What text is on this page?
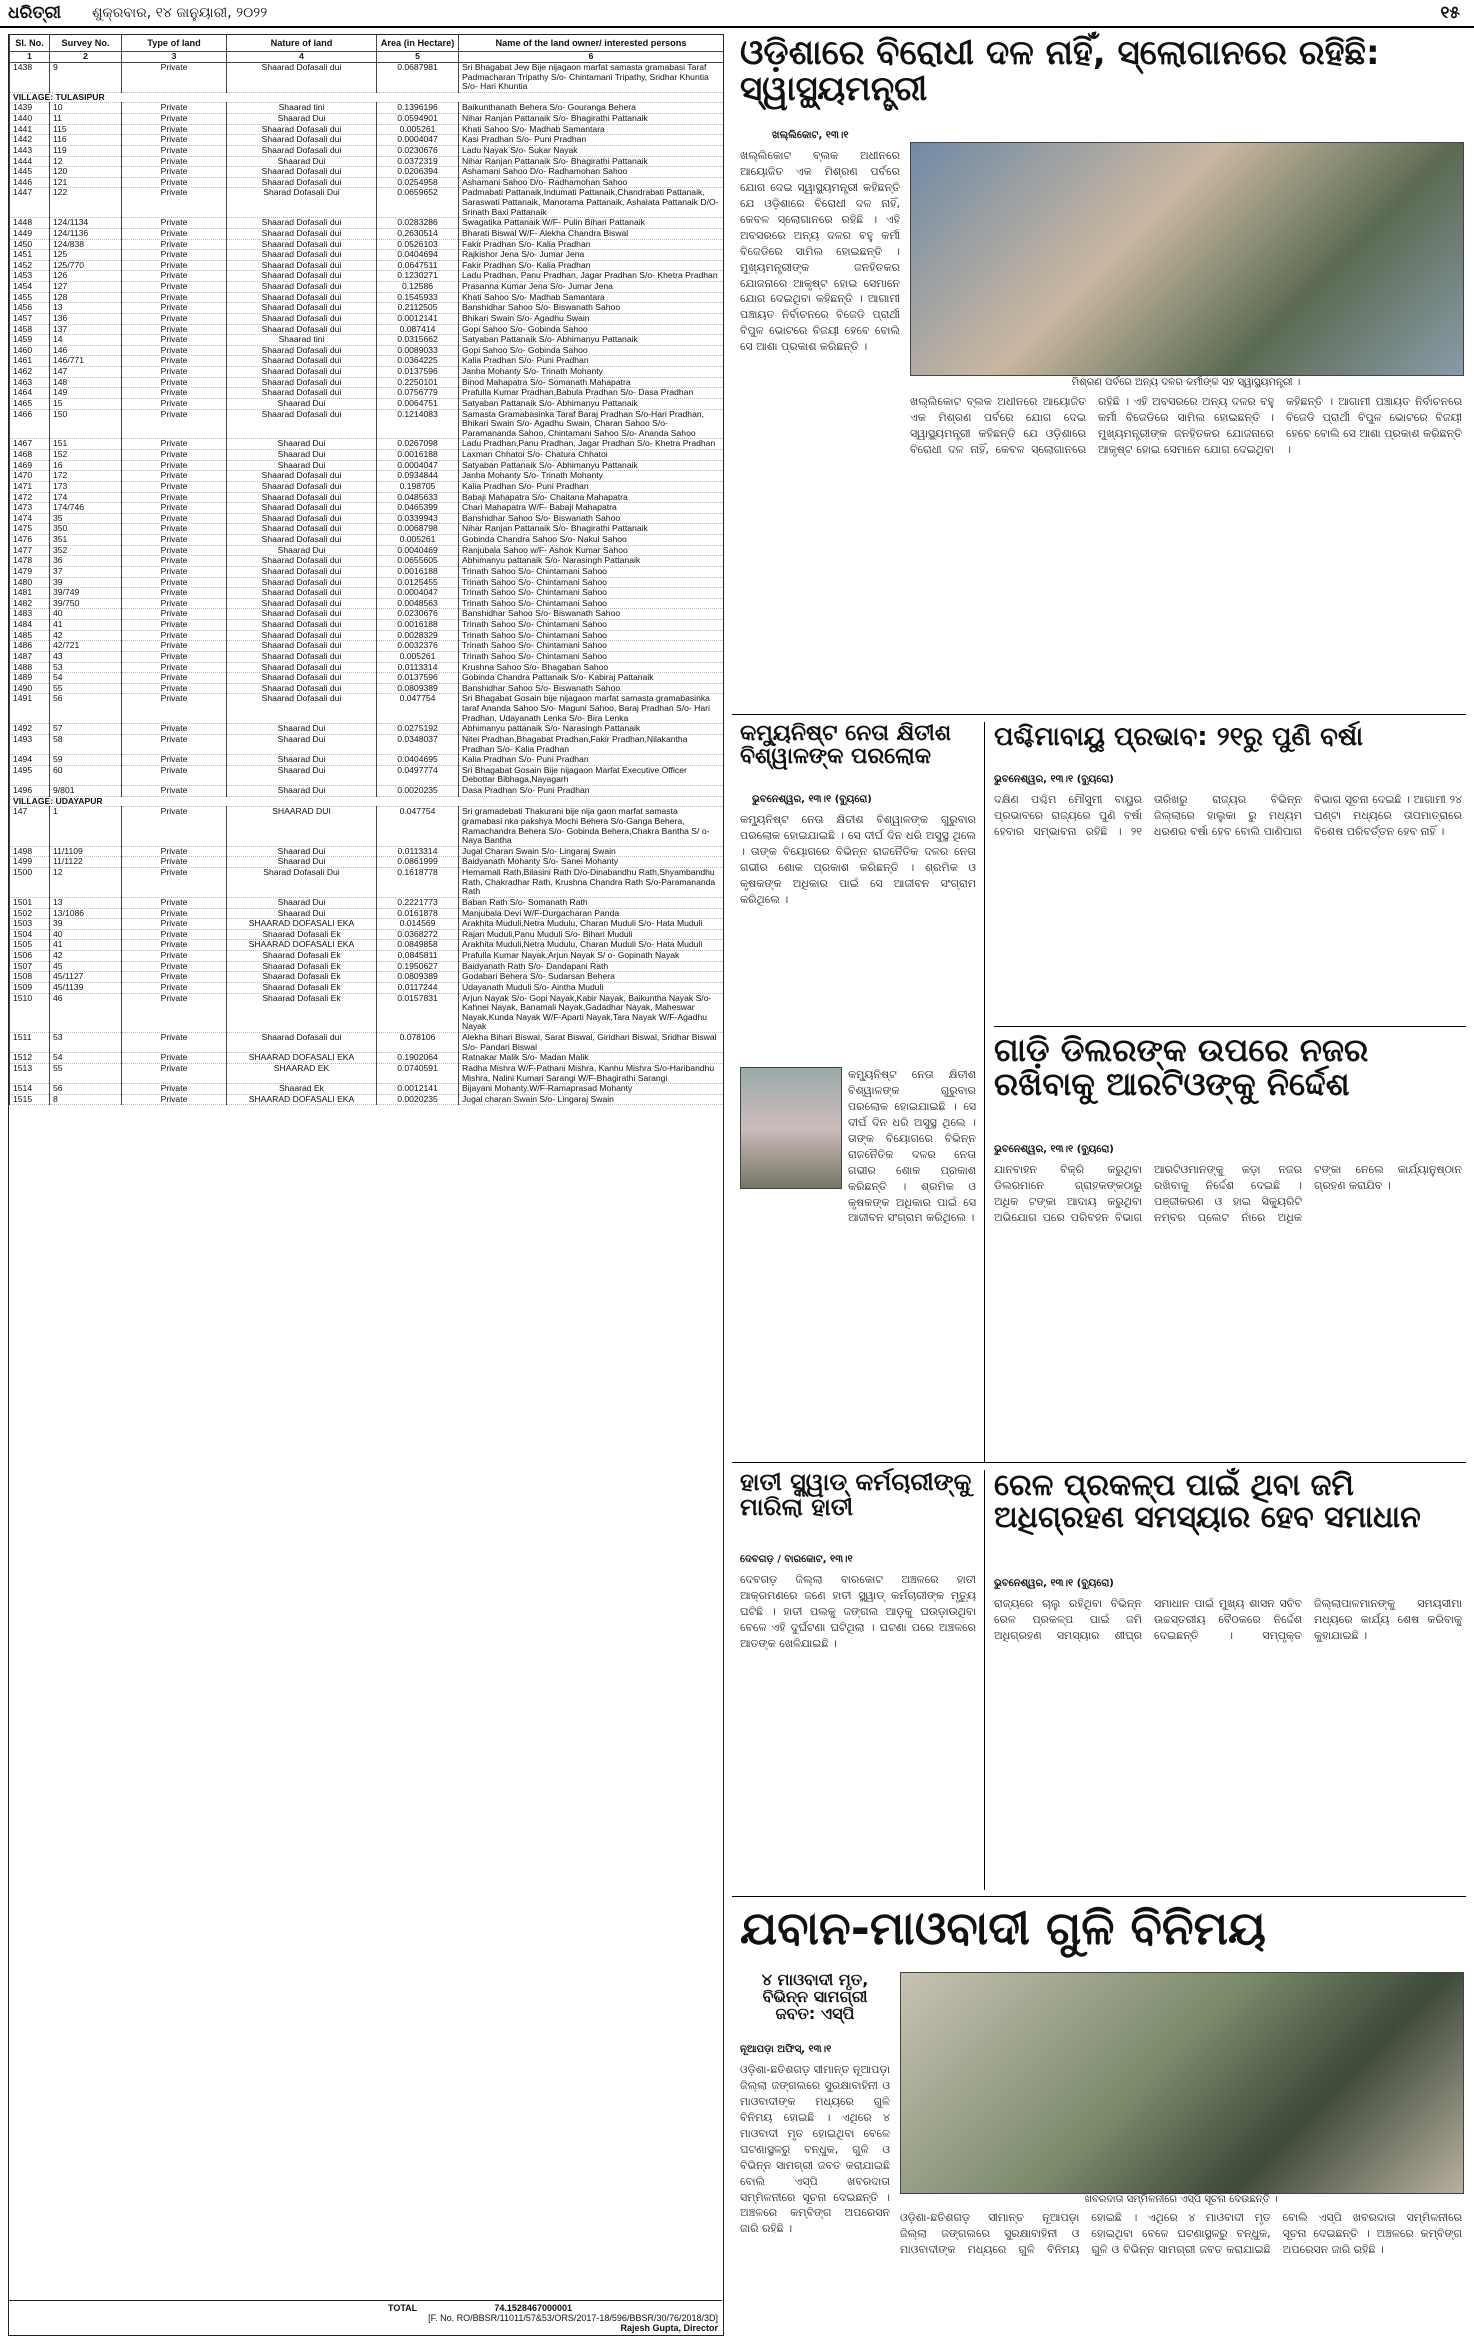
ଧରିତ୍ରୀ ଶୁକ୍ରବାର, ୧୪ ଜାନୁୟାରୀ, ୨୦୨୨	୧୫
Sl. No.	Survey No.	Type of land	Nature of land	Area (in Hectare)	Name of the land owner/ interested persons
1	2	3	4	5	6
1438	9	Private	Shaarad Dofasali dui	0.0687981	Sri Bhagabat Jew Bije nijagaon marfat samasta gramabasi Taraf Padmacharan Tripathy S/o- Chintamani Tripathy, Sridhar Khuntia S/o- Hari Khuntia
VILLAGE: TULASIPUR					
1439	10	Private	Shaarad tini	0.1396196	Baikunthanath Behera S/o- Gouranga Behera
1440	11	Private	Shaarad Dui	0.0594901	Nihar Ranjan Pattanaik S/o- Bhagirathi Pattanaik
1441	115	Private	Shaarad Dofasali dui	0.005261	Khati Sahoo S/o- Madhab Samantara
1442	116	Private	Shaarad Dofasali dui	0.0004047	Kasi Pradhan S/o- Puni Pradhan
1443	119	Private	Shaarad Dofasali dui	0.0230676	Ladu Nayak S/o- Sukar Nayak
1444	12	Private	Shaarad Dui	0.0372319	Nihar Ranjan Pattanaik S/o- Bhagirathi Pattanaik
1445	120	Private	Shaarad Dofasali dui	0.0206394	Ashamani Sahoo D/o- Radhamohan Sahoo
1446	121	Private	Shaarad Dofasali dui	0.0254958	Ashamani Sahoo D/o- Radhamohan Sahoo
1447	122	Private	Sharad Dofasali Dui	0.0659652	Padmabati Pattanaik,Indumati Pattanaik,Chandrabati Pattanaik, Saraswati Pattanaik, Manorama Pattanaik, Ashalata Pattanaik D/O- Srinath Baxi Pattanaik
1448	124/1134	Private	Shaarad Dofasali dui	0.0283286	Swagatika Pattanaik W/F- Pulin Bihari Pattanaik
1449	124/1136	Private	Shaarad Dofasali dui	0.2630514	Bharati Biswal W/F- Alekha Chandra Biswal
1450	124/838	Private	Shaarad Dofasali dui	0.0526103	Fakir Pradhan S/o- Kalia Pradhan
1451	125	Private	Shaarad Dofasali dui	0.0404694	Rajkishor Jena S/o- Jumar Jena
1452	125/770	Private	Shaarad Dofasali dui	0.0647511	Fakir Pradhan S/o- Kalia Pradhan
1453	126	Private	Shaarad Dofasali dui	0.1230271	Ladu Pradhan, Panu Pradhan, Jagar Pradhan S/o- Khetra Pradhan
1454	127	Private	Shaarad Dofasali dui	0.12586	Prasanna Kumar Jena S/o- Jumar Jena
1455	128	Private	Shaarad Dofasali dui	0.1545933	Khati Sahoo S/o- Madhab Samantara
1456	13	Private	Shaarad Dofasali dui	0.2112505	Banshidhar Sahoo S/o- Biswanath Sahoo
1457	136	Private	Shaarad Dofasali dui	0.0012141	Bhikari Swain S/o- Agadhu Swain
1458	137	Private	Shaarad Dofasali dui	0.087414	Gopi Sahoo S/o- Gobinda Sahoo
1459	14	Private	Shaarad tini	0.0315662	Satyaban Pattanaik S/o- Abhimanyu Pattanaik
1460	146	Private	Shaarad Dofasali dui	0.0089033	Gopi Sahoo S/o- Gobinda Sahoo
1461	146/771	Private	Shaarad Dofasali dui	0.0364225	Kalia Pradhan S/o- Puni Pradhan
1462	147	Private	Shaarad Dofasali dui	0.0137596	Janha Mohanty S/o- Trinath Mohanty
1463	148	Private	Shaarad Dofasali dui	0.2250101	Binod Mahapatra S/o- Somanath Mahapatra
1464	149	Private	Shaarad Dofasali dui	0.0756779	Prafulla Kumar Pradhan,Babula Pradhan S/o- Dasa Pradhan
1465	15	Private	Shaarad Dui	0.0064751	Satyaban Pattanaik S/o- Abhimanyu Pattanaik
1466	150	Private	Shaarad Dofasali dui	0.1214083	Samasta Gramabasinka Taraf Baraj Pradhan S/o-Hari Pradhan, Bhikari Swain S/o- Agadhu Swain, Charan Sahoo S/o- Paramananda Sahoo, Chintamani Sahoo S/o- Ananda Sahoo
1467	151	Private	Shaarad Dui	0.0267098	Ladu Pradhan,Panu Pradhan, Jagar Pradhan S/o- Khetra Pradhan
1468	152	Private	Shaarad Dui	0.0016188	Laxman Chhatoi S/o- Chatura Chhatoi
1469	16	Private	Shaarad Dui	0.0004047	Satyaban Pattanaik S/o- Abhimanyu Pattanaik
1470	172	Private	Shaarad Dofasali dui	0.0934844	Janha Mohanty S/o- Trinath Mohanty
1471	173	Private	Shaarad Dofasali dui	0.198705	Kalia Pradhan S/o- Puni Pradhan
1472	174	Private	Shaarad Dofasali dui	0.0485633	Babaji Mahapatra S/o- Chaitana Mahapatra
1473	174/746	Private	Shaarad Dofasali dui	0.0465399	Chari Mahapatra W/F- Babaji Mahapatra
1474	35	Private	Shaarad Dofasali dui	0.0339943	Banshidhar Sahoo S/o- Biswanath Sahoo
1475	350	Private	Shaarad Dofasali dui	0.0068798	Nihar Ranjan Pattanaik S/o- Bhagirathi Pattanaik
1476	351	Private	Shaarad Dofasali dui	0.005261	Gobinda Chandra Sahoo S/o- Nakul Sahoo
1477	352	Private	Shaarad Dui	0.0040469	Ranjubala Sahoo w/F- Ashok Kumar Sahoo
1478	36	Private	Shaarad Dofasali dui	0.0655605	Abhimanyu pattanaik S/o- Narasingh Pattanaik
1479	37	Private	Shaarad Dofasali dui	0.0016188	Trinath Sahoo S/o- Chintamani Sahoo
1480	39	Private	Shaarad Dofasali dui	0.0125455	Trinath Sahoo S/o- Chintamani Sahoo
1481	39/749	Private	Shaarad Dofasali dui	0.0004047	Trinath Sahoo S/o- Chintamani Sahoo
1482	39/750	Private	Shaarad Dofasali dui	0.0048563	Trinath Sahoo S/o- Chintamani Sahoo
1483	40	Private	Shaarad Dofasali dui	0.0230676	Banshidhar Sahoo S/o- Biswanath Sahoo
1484	41	Private	Shaarad Dofasali dui	0.0016188	Trinath Sahoo S/o- Chintamani Sahoo
1485	42	Private	Shaarad Dofasali dui	0.0028329	Trinath Sahoo S/o- Chintamani Sahoo
1486	42/721	Private	Shaarad Dofasali dui	0.0032376	Trinath Sahoo S/o- Chintamani Sahoo
1487	43	Private	Shaarad Dofasali dui	0.005261	Trinath Sahoo S/o- Chintamani Sahoo
1488	53	Private	Shaarad Dofasali dui	0.0113314	Krushna Sahoo S/o- Bhagaban Sahoo
1489	54	Private	Shaarad Dofasali dui	0.0137596	Gobinda Chandra Pattanaik S/o- Kabiraj Pattanaik
1490	55	Private	Shaarad Dofasali dui	0.0809389	Banshidhar Sahoo S/o- Biswanath Sahoo
1491	56	Private	Shaarad Dofasali dui	0.047754	Sri Bhagabat Gosain bije nijagaon marfat samasta gramabasinka taraf Ananda Sahoo S/o- Maguni Sahoo, Baraj Pradhan S/o- Hari Pradhan, Udayanath Lenka S/o- Bira Lenka
1492	57	Private	Shaarad Dui	0.0275192	Abhimanyu pattanaik S/o- Narasingh Pattanaik
1493	58	Private	Shaarad Dui	0.0348037	Nitei Pradhan,Bhagabat Pradhan,Fakir Pradhan,Nilakantha Pradhan S/o- Kalia Pradhan
1494	59	Private	Shaarad Dui	0.0404695	Kalia Pradhan S/o- Puni Pradhan
1495	60	Private	Shaarad Dui	0.0497774	Sri Bhagabat Gosain Bije nijagaon Marfat Executive Officer Debottar Bibhaga,Nayagarh
1496	9/801	Private	Shaarad Dui	0.0020235	Dasa Pradhan S/o- Puni Pradhan
VILLAGE: UDAYAPUR					
147	1	Private	SHAARAD DUI	0.047754	Sri gramadebati Thakurani bije nija gaon marfat samasta gramabasi nka pakshya Mochi Behera S/o-Ganga Behera, Ramachandra Behera S/o- Gobinda Behera,Chakra Bantha S/ o- Naya Bantha
1498	11/1109	Private	Shaarad Dui	0.0113314	Jugal Charan Swain S/o- Lingaraj Swain
1499	11/1122	Private	Shaarad Dui	0.0861999	Baidyanath Mohanty S/o- Sanei Mohanty
1500	12	Private	Sharad Dofasali Dui	0.1618778	Hemamali Rath,Bilasini Rath D/o-Dinabandhu Rath,Shyambandhu Rath, Chakradhar Rath, Krushna Chandra Rath S/o-Paramananda Rath
1501	13	Private	Shaarad Dui	0.2221773	Baban Rath S/o- Somanath Rath
1502	13/1086	Private	Shaarad Dui	0.0161878	Manjubala Devi W/F-Durgacharan Panda
1503	39	Private	SHAARAD DOFASALI EKA	0.014569	Arakhita Muduli,Netra Mudulu, Charan Muduli S/o- Hata Muduli
1504	40	Private	Shaarad Dofasali Ek	0.0368272	Rajan Muduli,Panu Muduli S/o- Bihari Muduli
1505	41	Private	SHAARAD DOFASALI EKA	0.0849858	Arakhita Muduli,Netra Mudulu, Charan Muduli S/o- Hata Muduli
1506	42	Private	Shaarad Dofasali Ek	0.0845811	Prafulla Kumar Nayak,Arjun Nayak S/ o- Gopinath Nayak
1507	45	Private	Shaarad Dofasali Ek	0.1950627	Baidyanath Rath S/o- Dandapani Rath
1508	45/1127	Private	Shaarad Dofasali Ek	0.0809389	Godabari Behera S/o- Sudarsan Behera
1509	45/1139	Private	Shaarad Dofasali Ek	0.0117244	Udayanath Muduli S/o- Aintha Muduli
1510	46	Private	Shaarad Dofasali Ek	0.0157831	Arjun Nayak S/o- Gopi Nayak,Kabir Nayak, Baikuntha Nayak S/o- Kahnei Nayak, Banamali Nayak,Gadadhar Nayak, Maheswar Nayak,Kunda Nayak W/F-Aparti Nayak,Tara Nayak W/F-Agadhu Nayak
1511	53	Private	Shaarad Dofasali dui	0.078106	Alekha Bihari Biswal, Sarat Biswal, Giridhari Biswal, Sridhar Biswal S/o- Pandari Biswal
1512	54	Private	SHAARAD DOFASALI EKA	0.1902064	Ratnakar Malik S/o- Madan Malik
1513	55	Private	SHAARAD EK	0.0740591	Radha Mishra W/F-Pathani Mishra, Kanhu Mishra S/o-Haribandhu Mishra, Nalini Kumari Sarangi W/F-Bhagirathi Sarangi
1514	56	Private	Shaarad Ek	0.0012141	Bijayani Mohanty,W/F-Ramaprasad Mohanty
1515	8	Private	SHAARAD DOFASALI EKA	0.0020235	Jugal charan Swain S/o- Lingaraj Swain
TOTAL	74.1528467000001
[F. No. RO/BBSR/11011/57&53/ORS/2017-18/596/BBSR/30/76/2018/3D]
Rajesh Gupta, Director
ଓଡ଼ିଶାରେ ବିରୋଧୀ ଦଳ ନାହିଁ, ସ୍ଲୋଗାନରେ ରହିଛି: ସ୍ୱାସ୍ଥ୍ୟମନ୍ତ୍ରୀ
ଖଲ୍ଲିକୋଟ, ୧୩।୧
ଖଲ୍ଲିକୋଟ ବ୍ଲକ ଅଧୀନରେ ଆୟୋଜିତ ଏକ ମିଶ୍ରଣ ପର୍ବରେ ଯୋଗ ଦେଇ ସ୍ୱାସ୍ଥ୍ୟମନ୍ତ୍ରୀ କହିଛନ୍ତି ଯେ ଓଡ଼ିଶାରେ ବିରୋଧୀ ଦଳ ନାହିଁ, କେବଳ ସ୍ଲୋଗାନରେ ରହିଛି । ଏହି ଅବସରରେ ଅନ୍ୟ ଦଳର ବହୁ କର୍ମୀ ବିଜେଡିରେ ସାମିଲ ହୋଇଛନ୍ତି । ମୁଖ୍ୟମନ୍ତ୍ରୀଙ୍କ ଜନହିତକର ଯୋଜନାରେ ଆକୃଷ୍ଟ ହୋଇ ସେମାନେ ଯୋଗ ଦେଇଥିବା କହିଛନ୍ତି । ଆଗାମୀ ପଞ୍ଚାୟତ ନିର୍ବାଚନରେ ବିଜେଡି ପ୍ରାର୍ଥୀ ବିପୁଳ ଭୋଟରେ ବିଜୟୀ ହେବେ ବୋଲି ସେ ଆଶା ପ୍ରକାଶ କରିଛନ୍ତି ।
ମିଶ୍ରଣ ପର୍ବରେ ଅନ୍ୟ ଦଳର କର୍ମୀଙ୍କ ସହ ସ୍ୱାସ୍ଥ୍ୟମନ୍ତ୍ରୀ ।
ଖଲ୍ଲିକୋଟ ବ୍ଲକ ଅଧୀନରେ ଆୟୋଜିତ ଏକ ମିଶ୍ରଣ ପର୍ବରେ ଯୋଗ ଦେଇ ସ୍ୱାସ୍ଥ୍ୟମନ୍ତ୍ରୀ କହିଛନ୍ତି ଯେ ଓଡ଼ିଶାରେ ବିରୋଧୀ ଦଳ ନାହିଁ, କେବଳ ସ୍ଲୋଗାନରେ ରହିଛି । ଏହି ଅବସରରେ ଅନ୍ୟ ଦଳର ବହୁ କର୍ମୀ ବିଜେଡିରେ ସାମିଲ ହୋଇଛନ୍ତି । ମୁଖ୍ୟମନ୍ତ୍ରୀଙ୍କ ଜନହିତକର ଯୋଜନାରେ ଆକୃଷ୍ଟ ହୋଇ ସେମାନେ ଯୋଗ ଦେଇଥିବା କହିଛନ୍ତି । ଆଗାମୀ ପଞ୍ଚାୟତ ନିର୍ବାଚନରେ ବିଜେଡି ପ୍ରାର୍ଥୀ ବିପୁଳ ଭୋଟରେ ବିଜୟୀ ହେବେ ବୋଲି ସେ ଆଶା ପ୍ରକାଶ କରିଛନ୍ତି ।
କମ୍ୟୁନିଷ୍ଟ ନେତା କ୍ଷିତୀଶ ବିଶ୍ୱାଳଙ୍କ ପରଲୋକ
ଭୁବନେଶ୍ୱର, ୧୩।୧ (ବ୍ୟୁରୋ)
କମ୍ୟୁନିଷ୍ଟ ନେତା କ୍ଷିତୀଶ ବିଶ୍ୱାଳଙ୍କ ଗୁରୁବାର ପରଲୋକ ହୋଇଯାଇଛି । ସେ ଦୀର୍ଘ ଦିନ ଧରି ଅସୁସ୍ଥ ଥିଲେ । ତାଙ୍କ ବିୟୋଗରେ ବିଭିନ୍ନ ରାଜନୈତିକ ଦଳର ନେତା ଗଭୀର ଶୋକ ପ୍ରକାଶ କରିଛନ୍ତି । ଶ୍ରମିକ ଓ କୃଷକଙ୍କ ଅଧିକାର ପାଇଁ ସେ ଆଜୀବନ ସଂଗ୍ରାମ କରିଥିଲେ ।
କମ୍ୟୁନିଷ୍ଟ ନେତା କ୍ଷିତୀଶ ବିଶ୍ୱାଳଙ୍କ ଗୁରୁବାର ପରଲୋକ ହୋଇଯାଇଛି । ସେ ଦୀର୍ଘ ଦିନ ଧରି ଅସୁସ୍ଥ ଥିଲେ । ତାଙ୍କ ବିୟୋଗରେ ବିଭିନ୍ନ ରାଜନୈତିକ ଦଳର ନେତା ଗଭୀର ଶୋକ ପ୍ରକାଶ କରିଛନ୍ତି । ଶ୍ରମିକ ଓ କୃଷକଙ୍କ ଅଧିକାର ପାଇଁ ସେ ଆଜୀବନ ସଂଗ୍ରାମ କରିଥିଲେ ।
ପଶ୍ଚିମାବାୟୁ ପ୍ରଭାବ: ୨୧ରୁ ପୁଣି ବର୍ଷା
ଭୁବନେଶ୍ୱର, ୧୩।୧ (ବ୍ୟୁରୋ)
ଦକ୍ଷିଣ ପଶ୍ଚିମ ମୌସୁମୀ ବାୟୁର ପ୍ରଭାବରେ ରାଜ୍ୟରେ ପୁଣି ବର୍ଷା ହେବାର ସମ୍ଭାବନା ରହିଛି । ୨୧ ତାରିଖରୁ ରାଜ୍ୟର ବିଭିନ୍ନ ଜିଲ୍ଲାରେ ହାଲୁକା ରୁ ମଧ୍ୟମ ଧରଣର ବର୍ଷା ହେବ ବୋଲି ପାଣିପାଗ ବିଭାଗ ସୂଚନା ଦେଇଛି । ଆଗାମୀ ୨୪ ଘଣ୍ଟା ମଧ୍ୟରେ ତାପମାତ୍ରାରେ ବିଶେଷ ପରିବର୍ତ୍ତନ ହେବ ନାହିଁ ।
ଗାଡ଼ି ଡିଲରଙ୍କ ଉପରେ ନଜର ରଖିବାକୁ ଆରଟିଓଙ୍କୁ ନିର୍ଦ୍ଦେଶ
ଭୁବନେଶ୍ୱର, ୧୩।୧ (ବ୍ୟୁରୋ)
ଯାନବାହନ ବିକ୍ରି କରୁଥିବା ଡିଲରମାନେ ଗ୍ରାହକଙ୍କଠାରୁ ଅଧିକ ଟଙ୍କା ଆଦାୟ କରୁଥିବା ଅଭିଯୋଗ ପରେ ପରିବହନ ବିଭାଗ ଆରଟିଓମାନଙ୍କୁ କଡ଼ା ନଜର ରଖିବାକୁ ନିର୍ଦ୍ଦେଶ ଦେଇଛି । ପଞ୍ଜୀକରଣ ଓ ହାଇ ସିକ୍ୟୁରିଟି ନମ୍ବର ପ୍ଲେଟ ନାଁରେ ଅଧିକ ଟଙ୍କା ନେଲେ କାର୍ଯ୍ୟାନୁଷ୍ଠାନ ଗ୍ରହଣ କରାଯିବ ।
ହାତୀ ସ୍କ୍ୱାଡ୍ କର୍ମଚାରୀଙ୍କୁ ମାରିଲା ହାତୀ
ଦେବଗଡ଼ / ବାରକୋଟ, ୧୩।୧
ଦେବଗଡ଼ ଜିଲ୍ଲା ବାରକୋଟ ଅଞ୍ଚଳରେ ହାତୀ ଆକ୍ରମଣରେ ଜଣେ ହାତୀ ସ୍କ୍ୱାଡ୍ କର୍ମଚାରୀଙ୍କ ମୃତ୍ୟୁ ଘଟିଛି । ହାତୀ ପଲକୁ ଜଙ୍ଗଲ ଆଡ଼କୁ ଘଉଡ଼ାଉଥିବା ବେଳେ ଏହି ଦୁର୍ଘଟଣା ଘଟିଥିଲା । ଘଟଣା ପରେ ଅଞ୍ଚଳରେ ଆତଙ୍କ ଖେଳିଯାଇଛି ।
ରେଳ ପ୍ରକଳ୍ପ ପାଇଁ ଥିବା ଜମି ଅଧିଗ୍ରହଣ ସମସ୍ୟାର ହେବ ସମାଧାନ
ଭୁବନେଶ୍ୱର, ୧୩।୧ (ବ୍ୟୁରୋ)
ରାଜ୍ୟରେ ଚାଲୁ ରହିଥିବା ବିଭିନ୍ନ ରେଳ ପ୍ରକଳ୍ପ ପାଇଁ ଜମି ଅଧିଗ୍ରହଣ ସମସ୍ୟାର ଶୀଘ୍ର ସମାଧାନ ପାଇଁ ମୁଖ୍ୟ ଶାସନ ସଚିବ ଉଚ୍ଚସ୍ତରୀୟ ବୈଠକରେ ନିର୍ଦ୍ଦେଶ ଦେଇଛନ୍ତି । ସମ୍ପୃକ୍ତ ଜିଲ୍ଲାପାଳମାନଙ୍କୁ ସମୟସୀମା ମଧ୍ୟରେ କାର୍ଯ୍ୟ ଶେଷ କରିବାକୁ କୁହାଯାଇଛି ।
ଯବାନ-ମାଓବାଦୀ ଗୁଳି ବିନିମୟ
୪ ମାଓବାଦୀ ମୃତ, ବିଭିନ୍ନ ସାମଗ୍ରୀ ଜବତ: ଏସ୍‌ପି
ନୂଆପଡ଼ା ଅଫିସ୍, ୧୩।୧
ଓଡ଼ିଶା-ଛତିଶଗଡ଼ ସୀମାନ୍ତ ନୂଆପଡ଼ା ଜିଲ୍ଲା ଜଙ୍ଗଲରେ ସୁରକ୍ଷାବାହିନୀ ଓ ମାଓବାଦୀଙ୍କ ମଧ୍ୟରେ ଗୁଳି ବିନିମୟ ହୋଇଛି । ଏଥିରେ ୪ ମାଓବାଦୀ ମୃତ ହୋଇଥିବା ବେଳେ ଘଟଣାସ୍ଥଳରୁ ବନ୍ଧୁକ, ଗୁଳି ଓ ବିଭିନ୍ନ ସାମଗ୍ରୀ ଜବତ କରାଯାଇଛି ବୋଲି ଏସ୍‌ପି ଖବରଦାତା ସମ୍ମିଳନୀରେ ସୂଚନା ଦେଇଛନ୍ତି । ଅଞ୍ଚଳରେ କମ୍ବିଙ୍ଗ ଅପରେସନ ଜାରି ରହିଛି ।
ଖବରଦାତା ସମ୍ମିଳନୀରେ ଏସ୍‌ପି ସୂଚନା ଦେଉଛନ୍ତି ।
ଓଡ଼ିଶା-ଛତିଶଗଡ଼ ସୀମାନ୍ତ ନୂଆପଡ଼ା ଜିଲ୍ଲା ଜଙ୍ଗଲରେ ସୁରକ୍ଷାବାହିନୀ ଓ ମାଓବାଦୀଙ୍କ ମଧ୍ୟରେ ଗୁଳି ବିନିମୟ ହୋଇଛି । ଏଥିରେ ୪ ମାଓବାଦୀ ମୃତ ହୋଇଥିବା ବେଳେ ଘଟଣାସ୍ଥଳରୁ ବନ୍ଧୁକ, ଗୁଳି ଓ ବିଭିନ୍ନ ସାମଗ୍ରୀ ଜବତ କରାଯାଇଛି ବୋଲି ଏସ୍‌ପି ଖବରଦାତା ସମ୍ମିଳନୀରେ ସୂଚନା ଦେଇଛନ୍ତି । ଅଞ୍ଚଳରେ କମ୍ବିଙ୍ଗ ଅପରେସନ ଜାରି ରହିଛି ।
